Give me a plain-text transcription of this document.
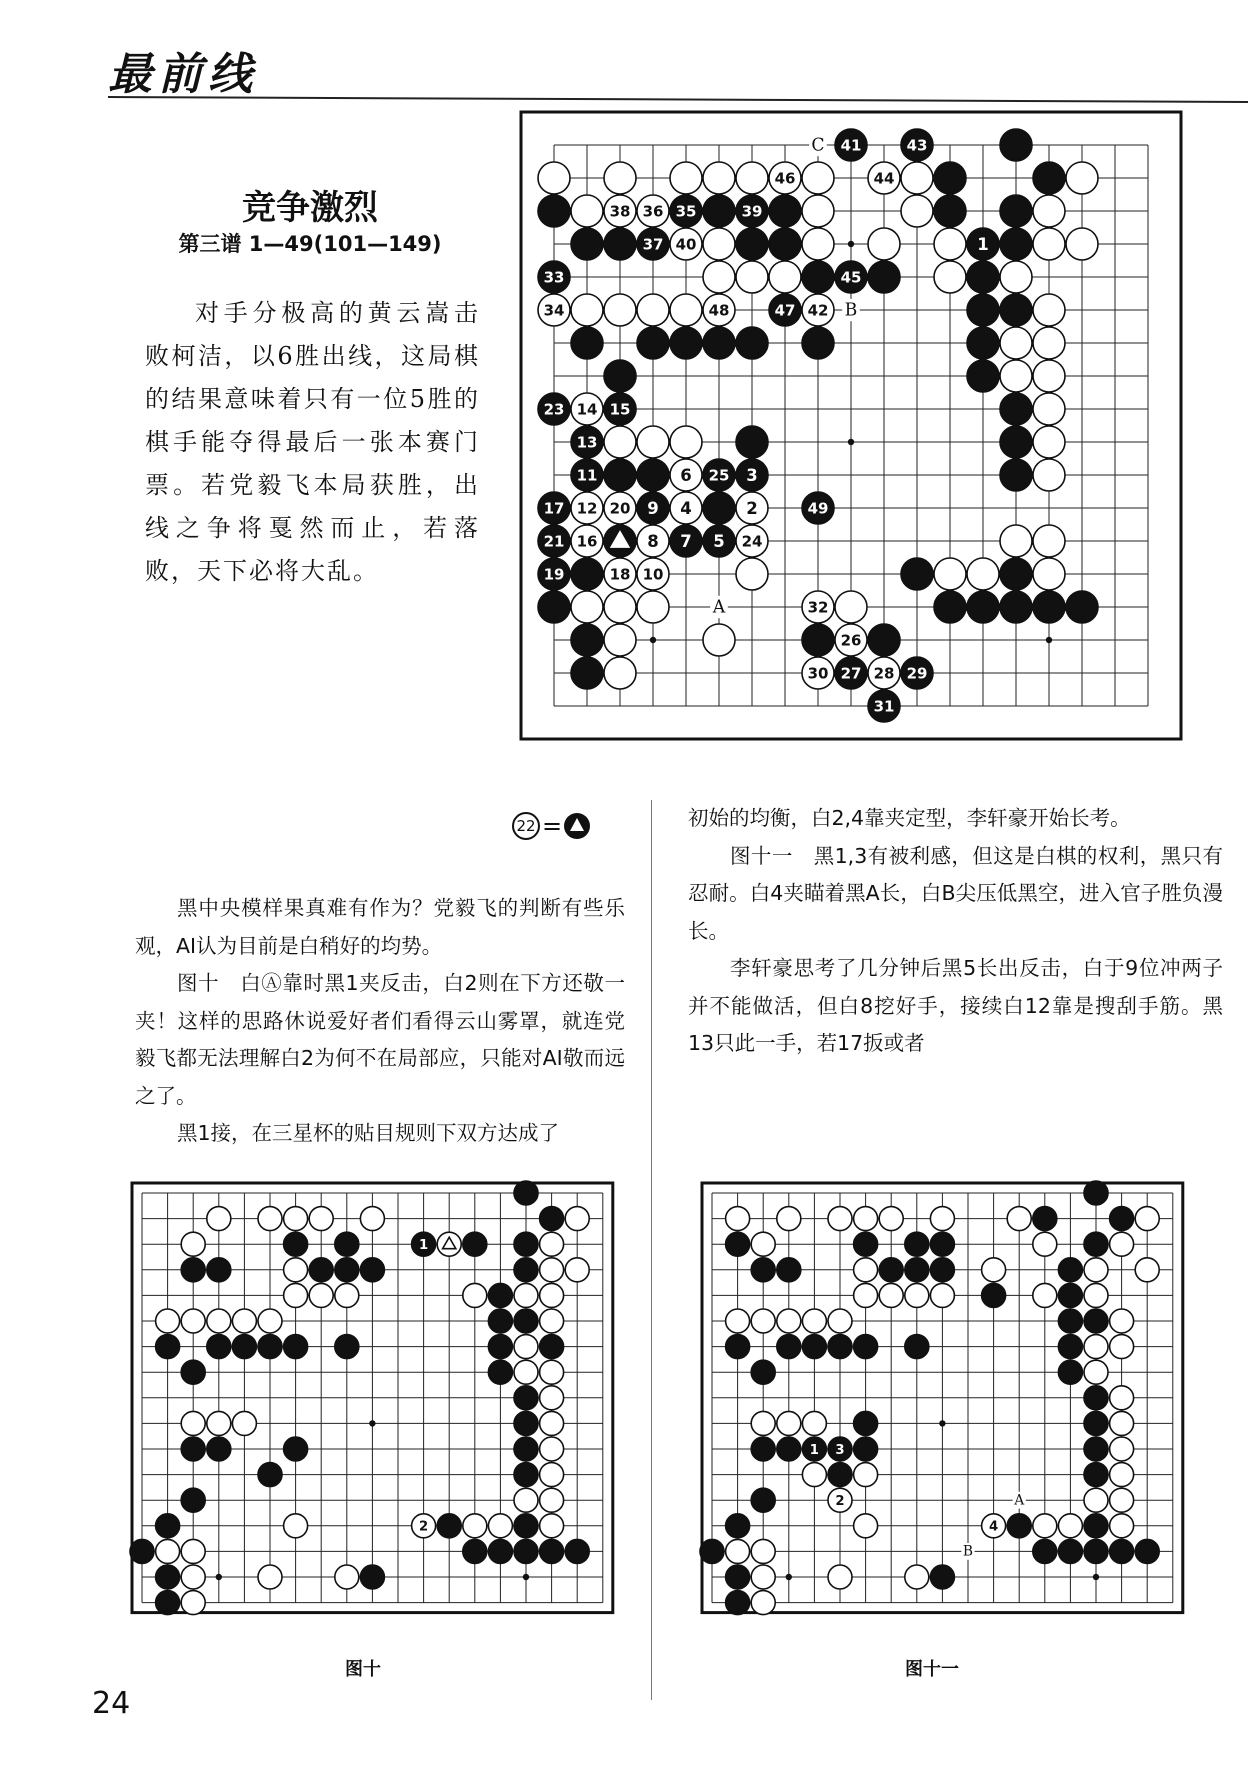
最前线
竞争激烈
第三谱 1—49(101—149)
对手分极高的黄云嵩击败柯洁，以6胜出线，这局棋的结果意味着只有一位5胜的棋手能夺得最后一张本赛门票。若党毅飞本局获胜，出线之争将戛然而止，若落败，天下必将大乱。
C
B
A
46	44
41	43
38 36 35	39
37 40	1
33	45
34	48	47 42
23 14 15
13
11	6 25 3
17 12 20 9 4	2	49
21 16	8 7 5 24
19	18 10
32
26
30 27 28 29
31
22 =

黑中央模样果真难有作为？党毅飞的判断有些乐观，AI认为目前是白稍好的均势。

图十　白Ⓐ靠时黑1夹反击，白2则在下方还敬一夹！这样的思路休说爱好者们看得云山雾罩，就连党毅飞都无法理解白2为何不在局部应，只能对AI敬而远之了。

黑1接，在三星杯的贴目规则下双方达成了

初始的均衡，白2,4靠夹定型，李轩豪开始长考。

图十一　黑1,3有被利感，但这是白棋的权利，黑只有忍耐。白4夹瞄着黑A长，白B尖压低黑空，进入官子胜负漫长。

李轩豪思考了几分钟后黑5长出反击，白于9位冲两子并不能做活，但白8挖好手，接续白12靠是搜刮手筋。黑13只此一手，若17扳或者

1
2
图十
A
B
1 3
2
4
图十一
24
